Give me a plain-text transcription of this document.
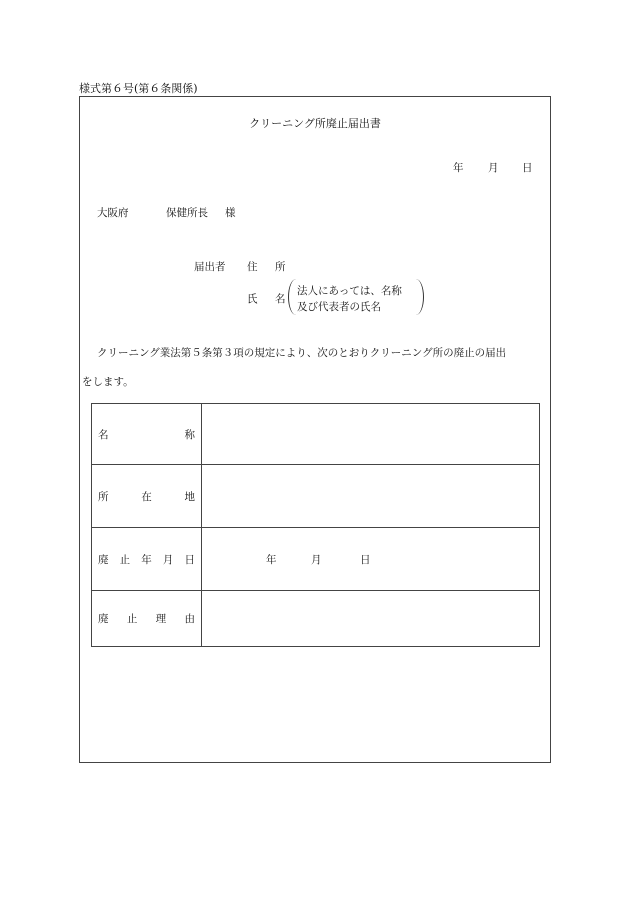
様式第６号(第６条関係)
クリーニング所廃止届出書
年 月 日
大阪府	保健所長 様
届出者 住 所
氏 名
法人にあっては、名称
及び代表者の氏名
クリーニング業法第５条第３項の規定により、次のとおりクリーニング所の廃止の届出
をします。
名 称	

所 在 地	

廃 止 年 月 日	年 月 日

廃 止 理 由	
